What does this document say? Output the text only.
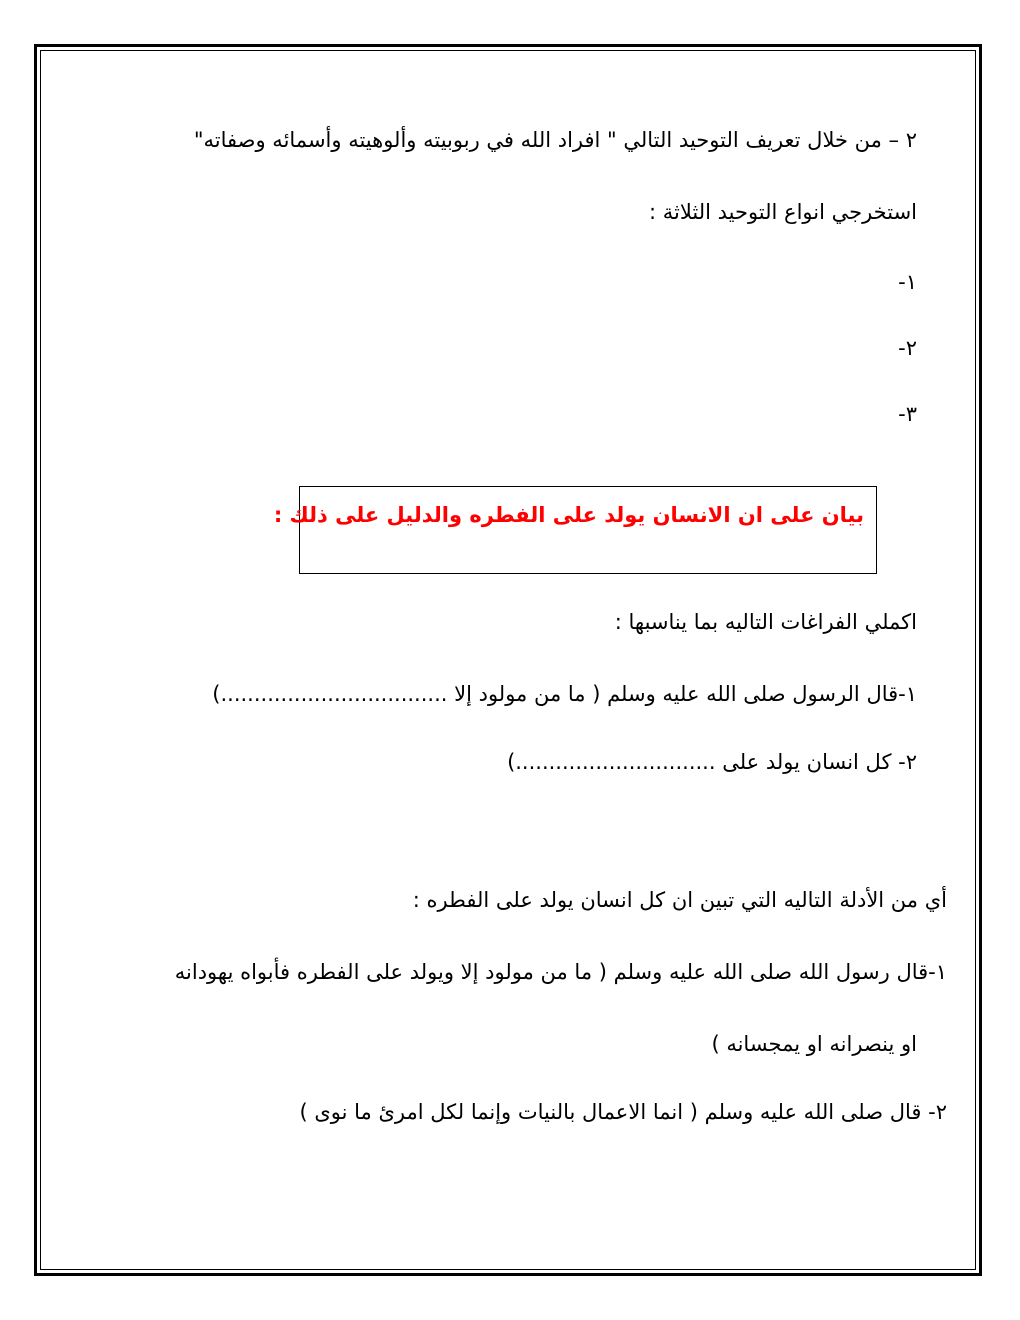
٢ – من خلال تعريف التوحيد التالي " افراد الله في ربوبيته وألوهيته وأسمائه وصفاته"
استخرجي انواع التوحيد الثلاثة :
١-
٢-
٣-
بيان على ان الانسان يولد على الفطره والدليل على ذلك :
اكملي الفراغات التاليه بما يناسبها :
١-قال الرسول صلى الله عليه وسلم ( ما من مولود إلا ..................................)
٢- كل انسان يولد على ..............................)
أي من الأدلة التاليه التي تبين ان كل انسان يولد على الفطره :
١-قال رسول الله صلى الله عليه وسلم ( ما من مولود إلا ويولد على الفطره فأبواه يهودانه
او ينصرانه او يمجسانه )
٢- قال صلى الله عليه وسلم ( انما الاعمال بالنيات وإنما لكل امرئ ما نوى )
